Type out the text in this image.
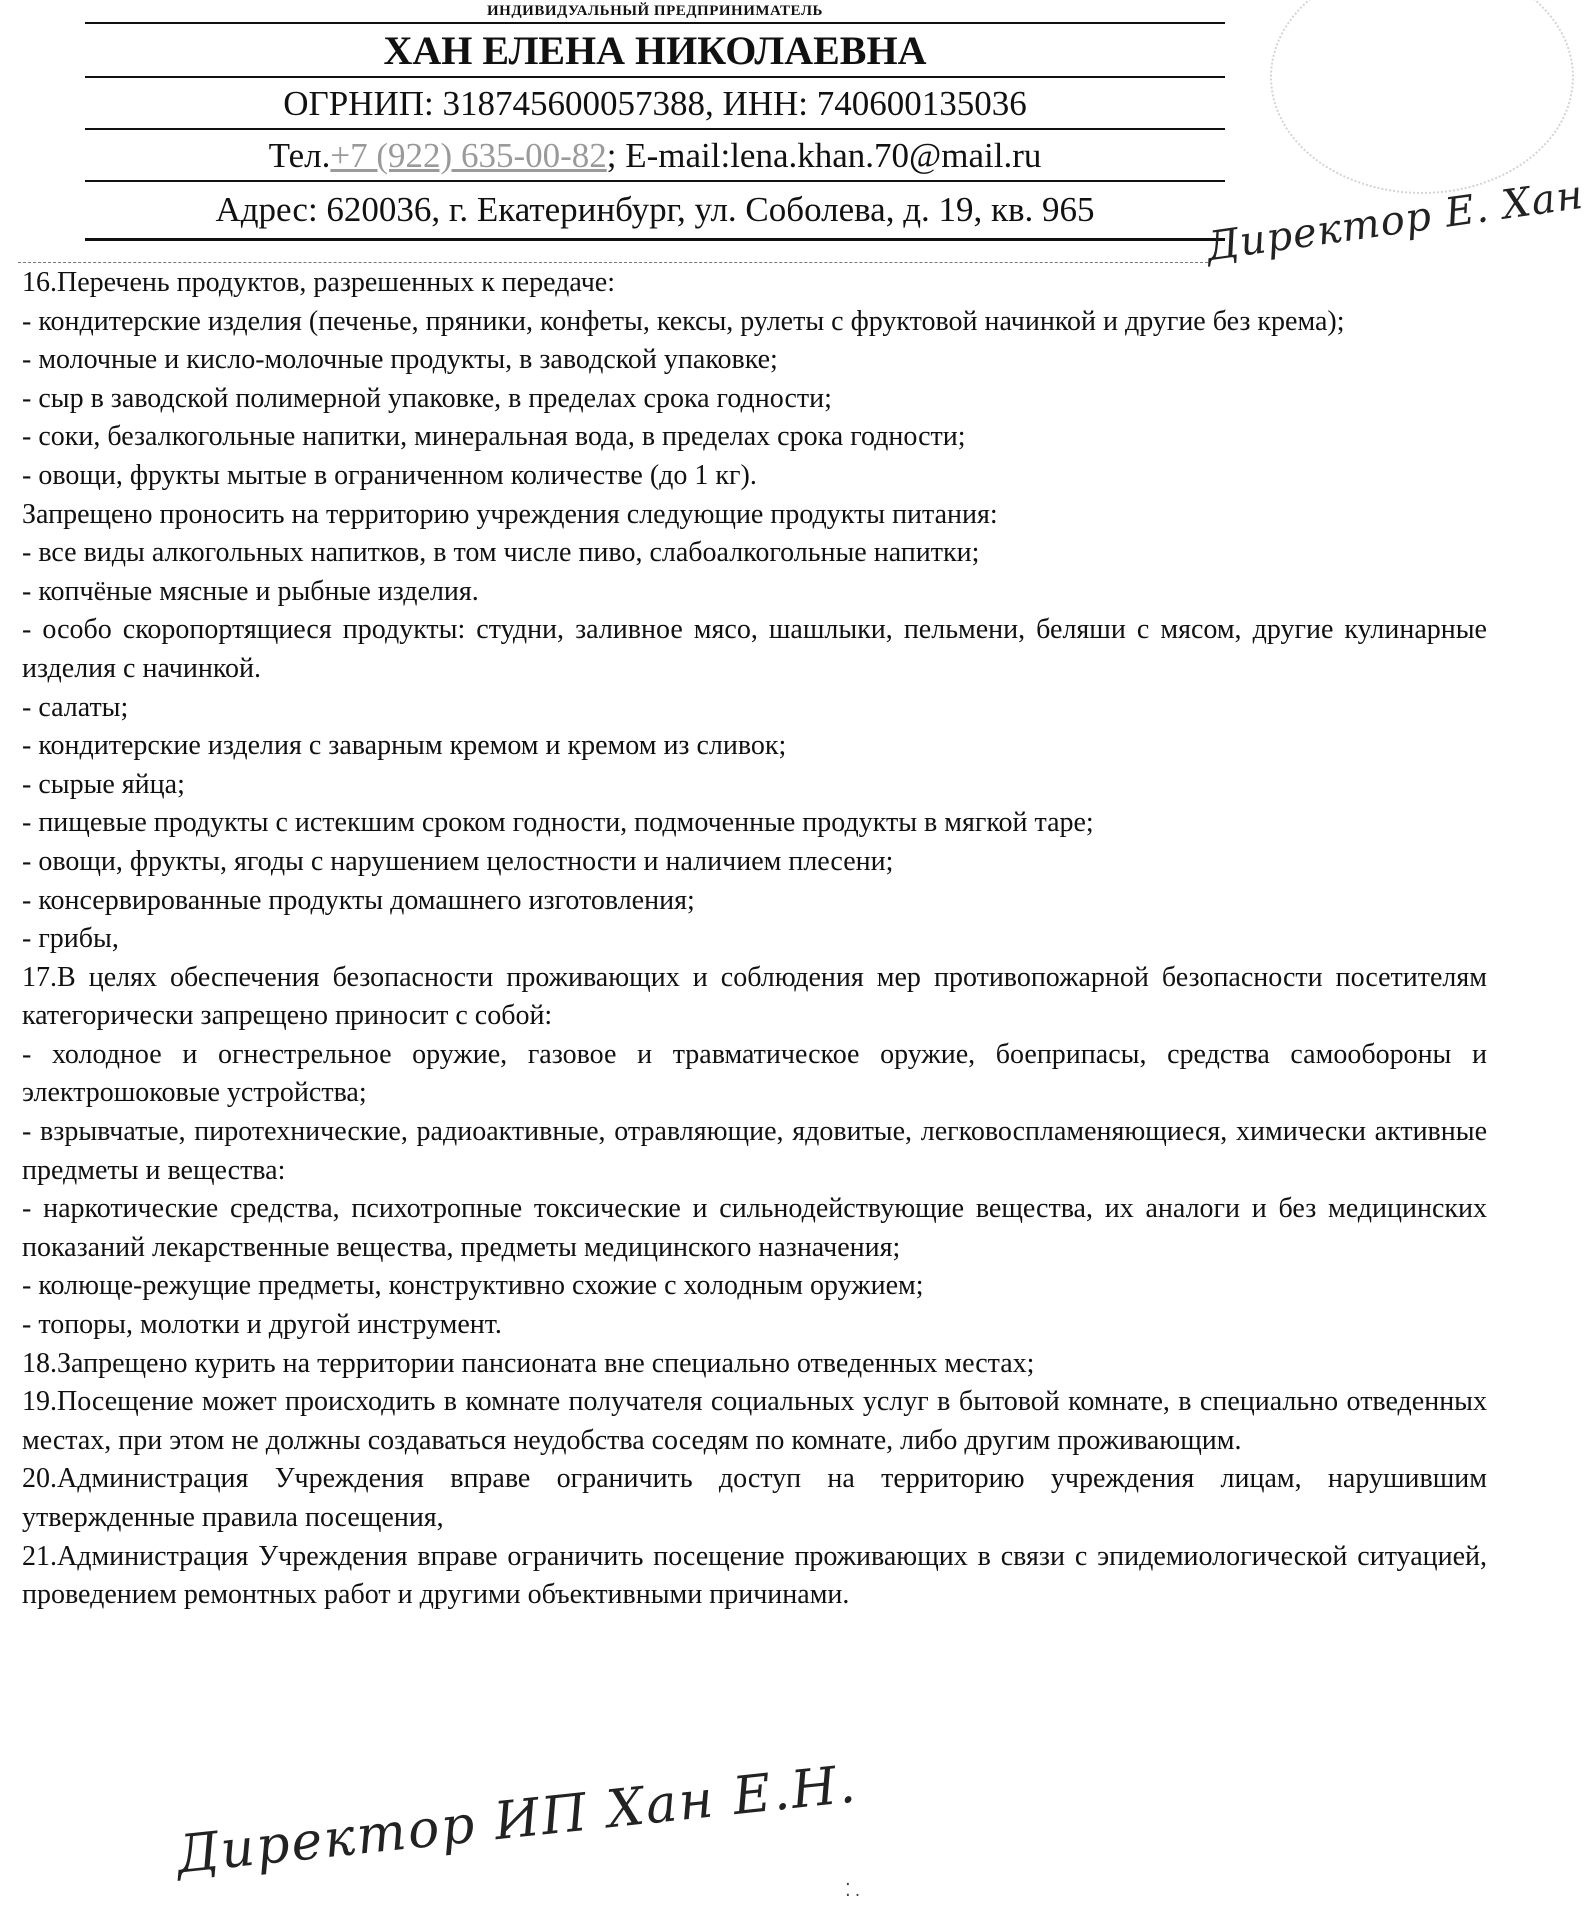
ИНДИВИДУАЛЬНЫЙ ПРЕДПРИНИМАТЕЛЬ
ХАН ЕЛЕНА НИКОЛАЕВНА
ОГРНИП: 318745600057388, ИНН: 740600135036
Тел.+7 (922) 635-00-82; E-mail:lena.khan.70@mail.ru
Адрес: 620036, г. Екатеринбург, ул. Соболева, д. 19, кв. 965	Директор Е. Хан

16.Перечень продуктов, разрешенных к передаче:

- кондитерские изделия (печенье, пряники, конфеты, кексы, рулеты с фруктовой начинкой и другие без крема);

- молочные и кисло-молочные продукты, в заводской упаковке;

- сыр в заводской полимерной упаковке, в пределах срока годности;

- соки, безалкогольные напитки, минеральная вода, в пределах срока годности;

- овощи, фрукты мытые в ограниченном количестве (до 1 кг).

Запрещено проносить на территорию учреждения следующие продукты питания:

- все виды алкогольных напитков, в том числе пиво, слабоалкогольные напитки;

- копчёные мясные и рыбные изделия.

- особо скоропортящиеся продукты: студни, заливное мясо, шашлыки, пельмени, беляши с мясом, другие кулинарные изделия с начинкой.

- салаты;

- кондитерские изделия с заварным кремом и кремом из сливок;

- сырые яйца;

- пищевые продукты с истекшим сроком годности, подмоченные продукты в мягкой таре;

- овощи, фрукты, ягоды с нарушением целостности и наличием плесени;

- консервированные продукты домашнего изготовления;

- грибы,

17.В целях обеспечения безопасности проживающих и соблюдения мер противопожарной безопасности посетителям категорически запрещено приносит с собой:

- холодное и огнестрельное оружие, газовое и травматическое оружие, боеприпасы, средства самообороны и электрошоковые устройства;

- взрывчатые, пиротехнические, радиоактивные, отравляющие, ядовитые, легковоспламеняющиеся, химически активные предметы и вещества:

- наркотические средства, психотропные токсические и сильнодействующие вещества, их аналоги и без медицинских показаний лекарственные вещества, предметы медицинского назначения;

- колюще-режущие предметы, конструктивно схожие с холодным оружием;

- топоры, молотки и другой инструмент.

18.Запрещено курить на территории пансионата вне специально отведенных местах;

19.Посещение может происходить в комнате получателя социальных услуг в бытовой комнате, в специально отведенных местах, при этом не должны создаваться неудобства соседям по комнате, либо другим проживающим.

20.Администрация Учреждения вправе ограничить доступ на территорию учреждения лицам, нарушившим утвержденные правила посещения,

21.Администрация Учреждения вправе ограничить посещение проживающих в связи с эпидемиологической ситуацией, проведением ремонтных работ и другими объективными причинами.

Директор ИП Хан Е.Н.
⁚ .
